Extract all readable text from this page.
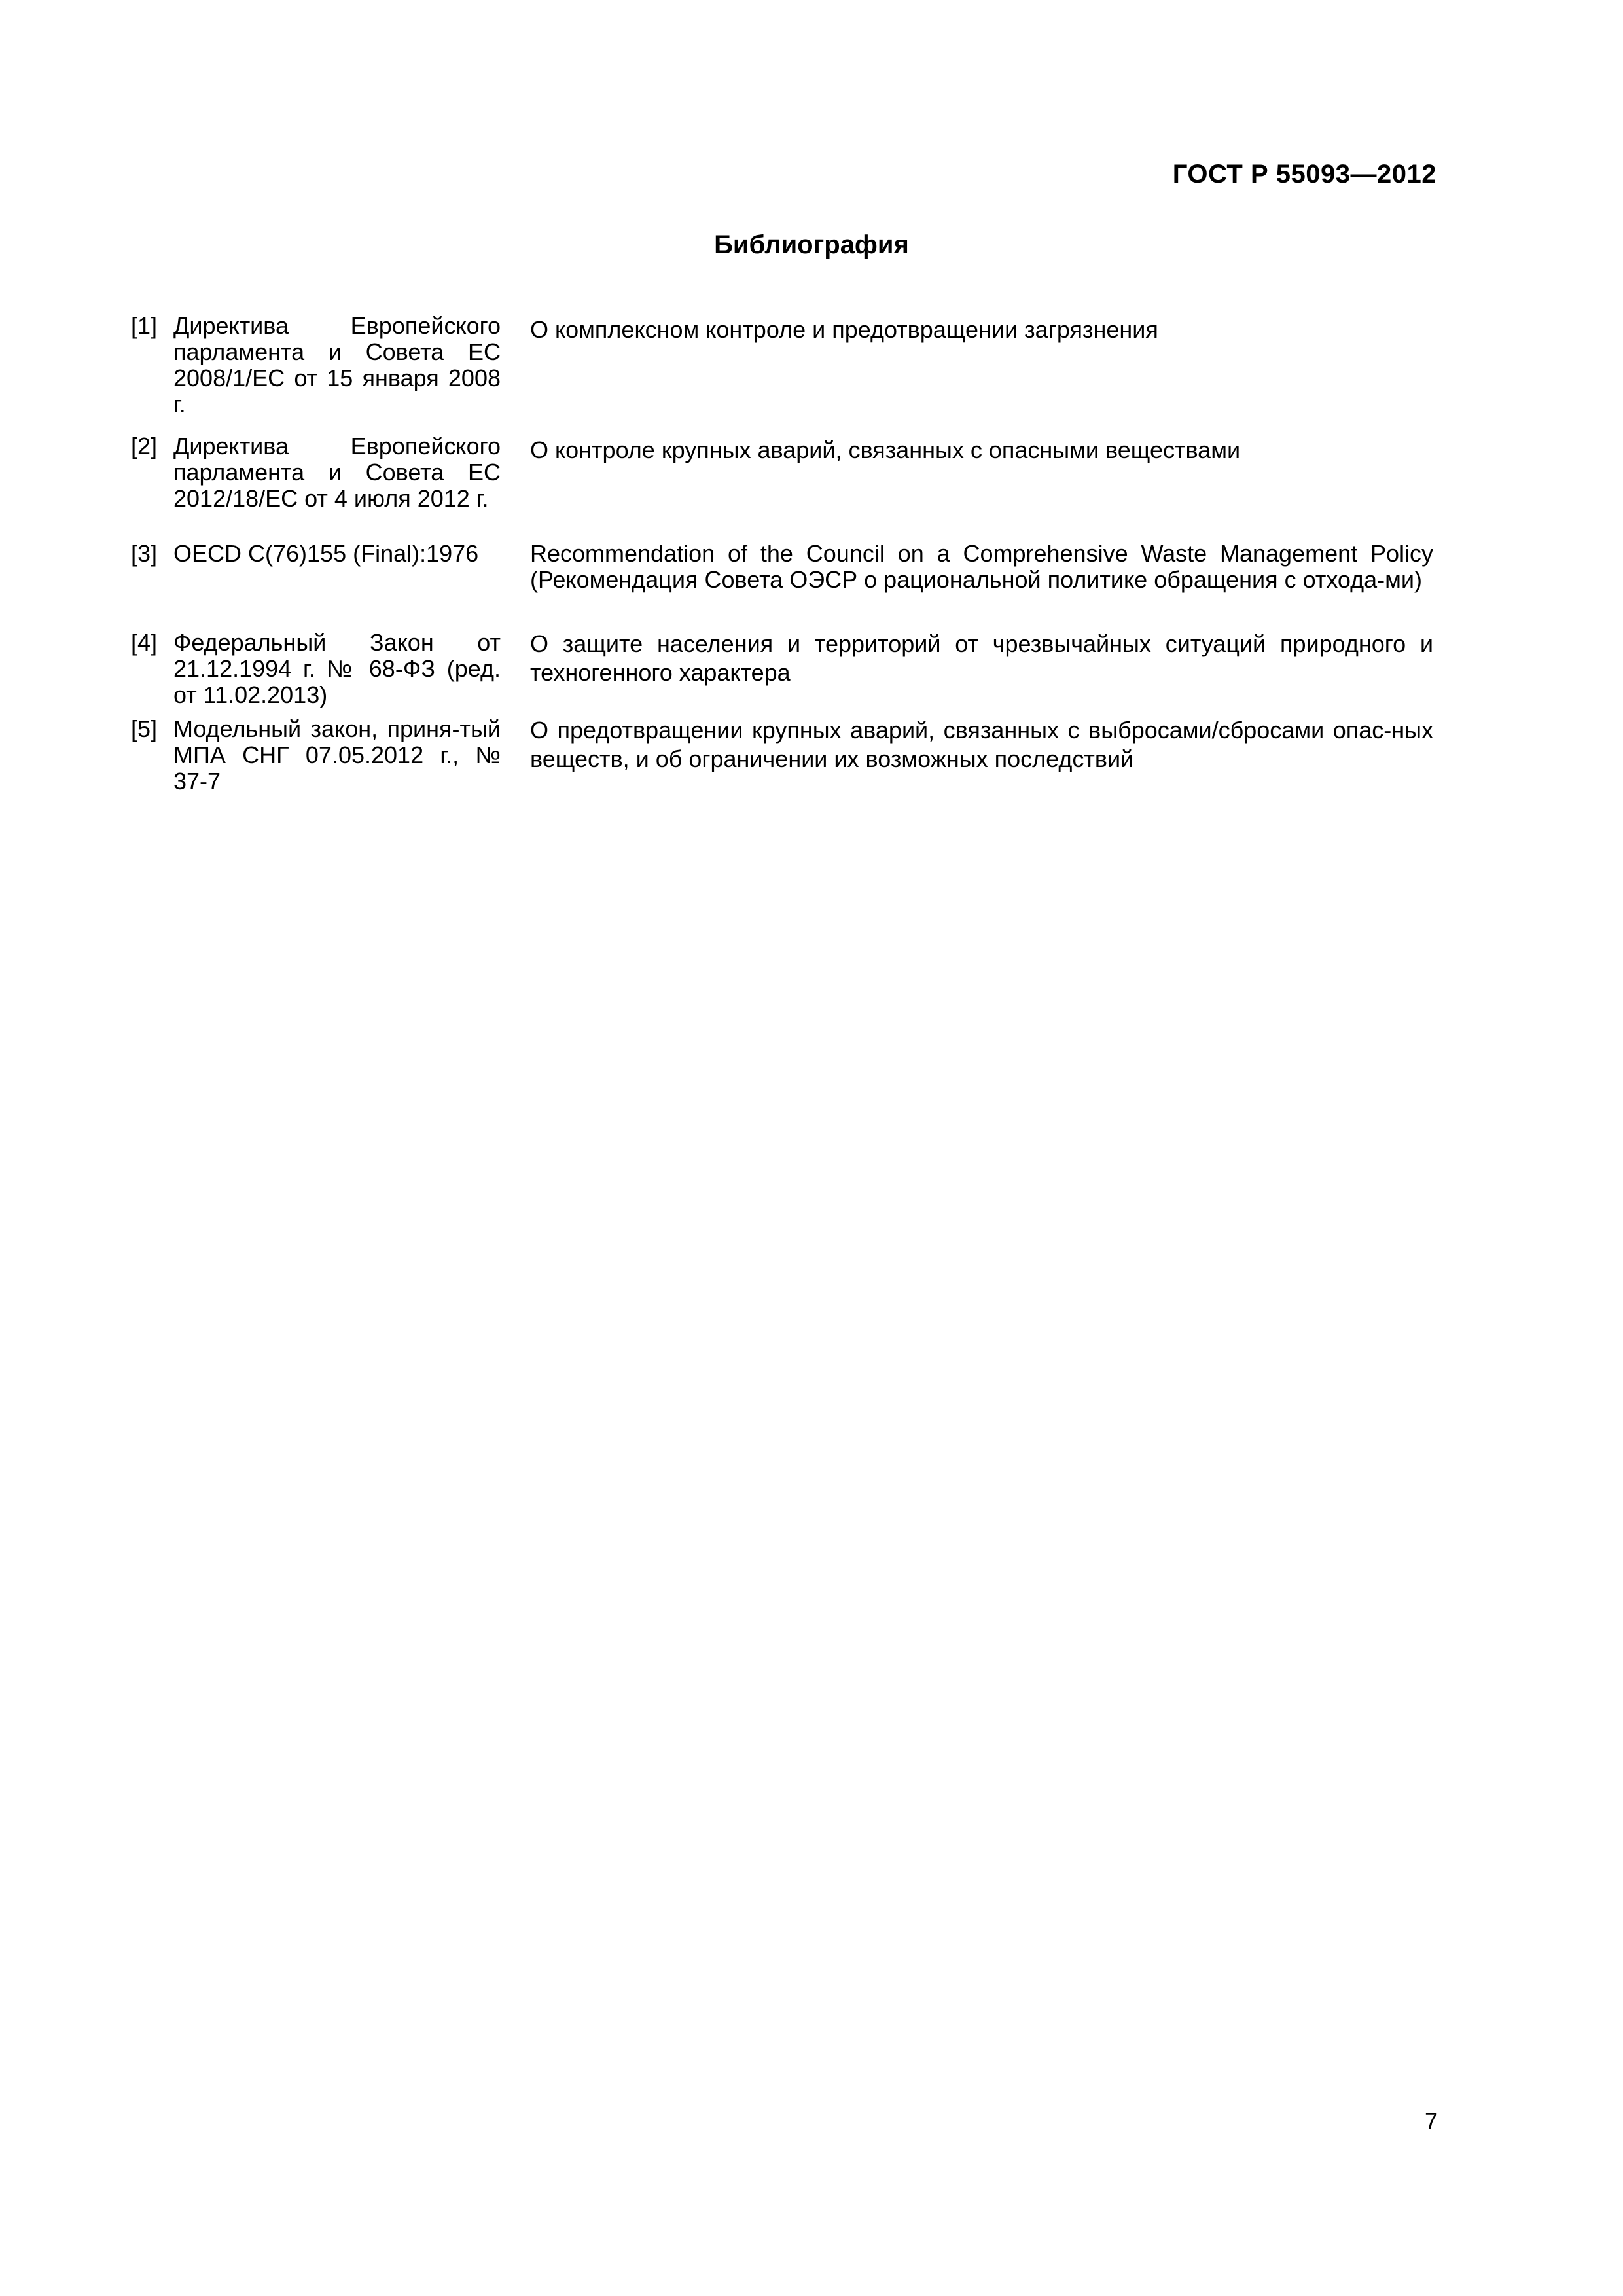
ГОСТ Р 55093—2012
Библиография
[1] Директива Европейского парламента и Совета ЕС 2008/1/ЕС от 15 января 2008 г.
О комплексном контроле и предотвращении загрязнения
[2] Директива Европейского парламента и Совета ЕС 2012/18/ЕС от 4 июля 2012 г.
О контроле крупных аварий, связанных с опасными веществами
[3] OECD C(76)155 (Final):1976	Recommendation of the Council on a Comprehensive Waste Management Policy (Рекомендация Совета ОЭСР о рациональной политике обращения с отхода-ми)
[4] Федеральный Закон от 21.12.1994 г. № 68-ФЗ (ред. от 11.02.2013)
О защите населения и территорий от чрезвычайных ситуаций природного и техногенного характера
[5] Модельный закон, приня-тый МПА СНГ 07.05.2012 г., № 37-7
О предотвращении крупных аварий, связанных с выбросами/сбросами опас-ных веществ, и об ограничении их возможных последствий
7
